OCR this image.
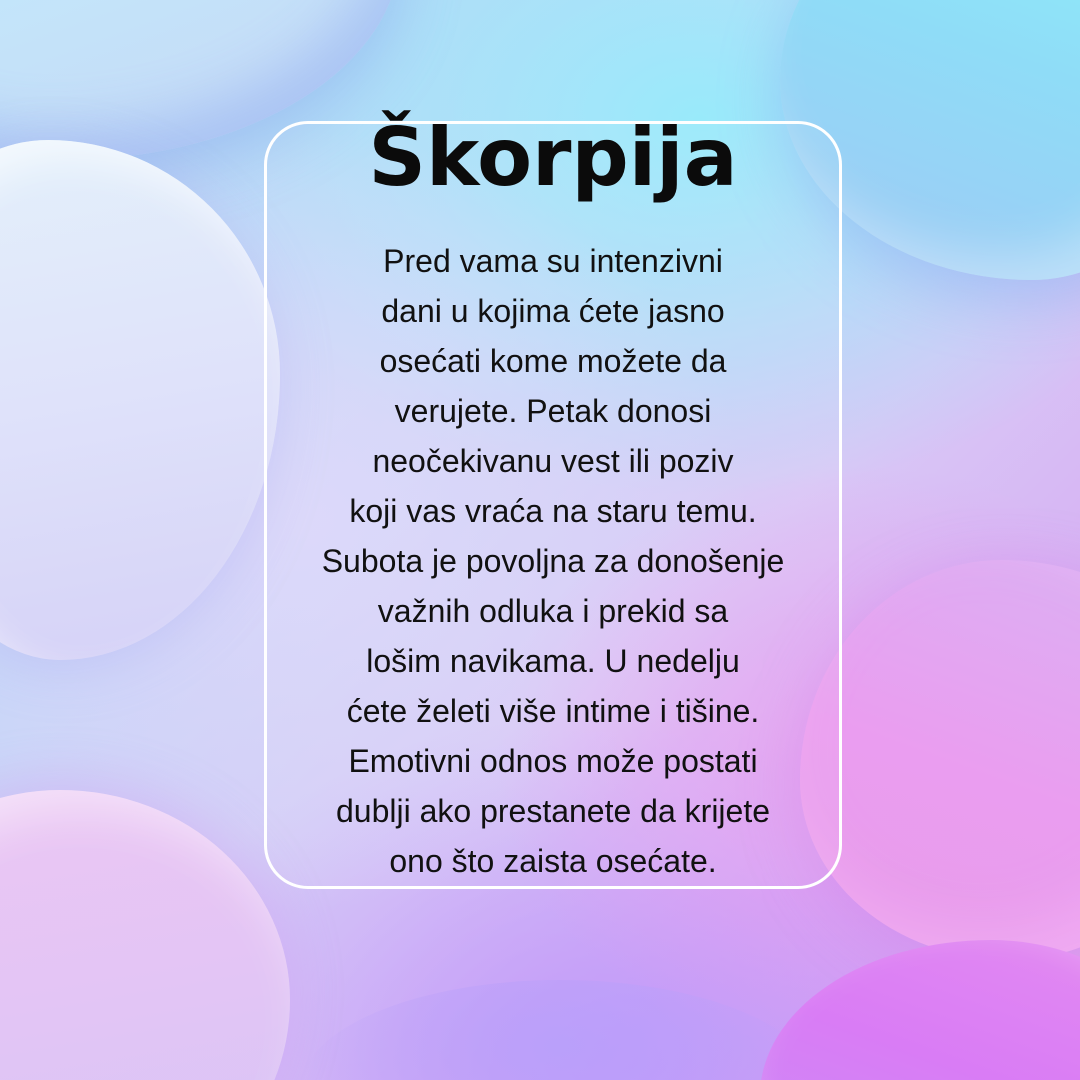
Škorpija
Pred vama su intenzivni
dani u kojima ćete jasno
osećati kome možete da
verujete. Petak donosi
neočekivanu vest ili poziv
koji vas vraća na staru temu.
Subota je povoljna za donošenje
važnih odluka i prekid sa
lošim navikama. U nedelju
ćete želeti više intime i tišine.
Emotivni odnos može postati
dublji ako prestanete da krijete
ono što zaista osećate.
